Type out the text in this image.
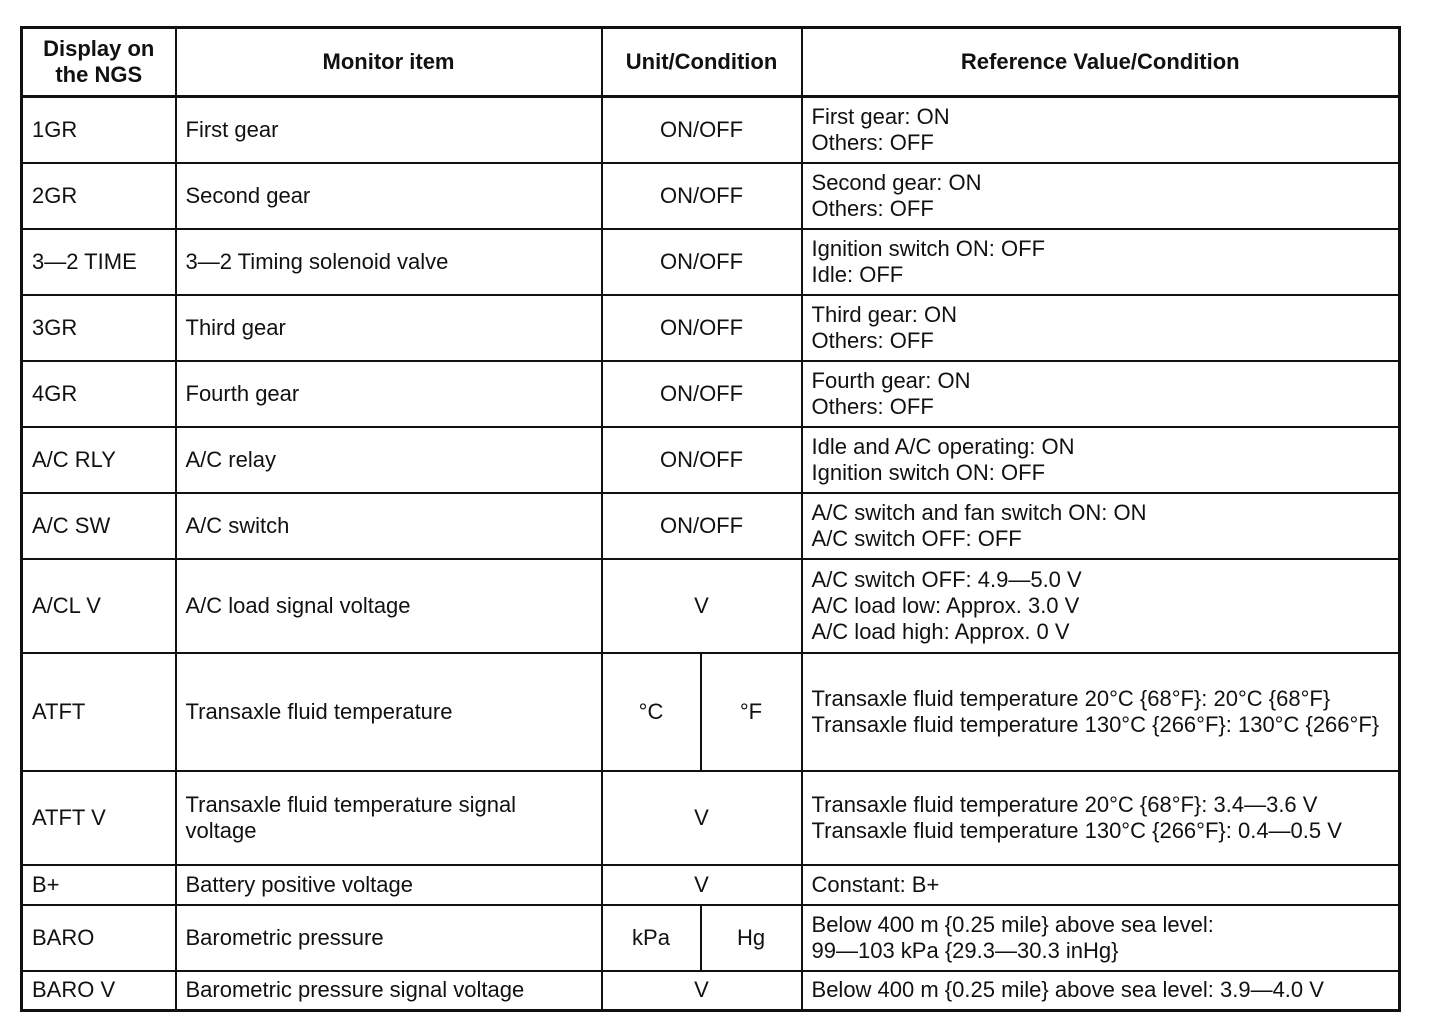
Display on the NGS	Monitor item	Unit/Condition		Reference Value/Condition
1GR	First gear	ON/OFF		First gear: ON
Others: OFF
2GR	Second gear	ON/OFF		Second gear: ON
Others: OFF
3—2 TIME	3—2 Timing solenoid valve	ON/OFF		Ignition switch ON: OFF
Idle: OFF
3GR	Third gear	ON/OFF		Third gear: ON
Others: OFF
4GR	Fourth gear	ON/OFF		Fourth gear: ON
Others: OFF
A/C RLY	A/C relay	ON/OFF		Idle and A/C operating: ON
Ignition switch ON: OFF
A/C SW	A/C switch	ON/OFF		A/C switch and fan switch ON: ON
A/C switch OFF: OFF
A/CL V	A/C load signal voltage	V		A/C switch OFF: 4.9—5.0 V
A/C load low: Approx. 3.0 V
A/C load high: Approx. 0 V
ATFT	Transaxle fluid temperature	°C	°F	Transaxle fluid temperature 20°C {68°F}: 20°C {68°F}
Transaxle fluid temperature 130°C {266°F}: 130°C {266°F}
ATFT V	Transaxle fluid temperature signal voltage	V		Transaxle fluid temperature 20°C {68°F}: 3.4—3.6 V
Transaxle fluid temperature 130°C {266°F}: 0.4—0.5 V
B+	Battery positive voltage	V		Constant: B+
BARO	Barometric pressure	kPa	Hg	Below 400 m {0.25 mile} above sea level:
99—103 kPa {29.3—30.3 inHg}
BARO V	Barometric pressure signal voltage	V		Below 400 m {0.25 mile} above sea level: 3.9—4.0 V
